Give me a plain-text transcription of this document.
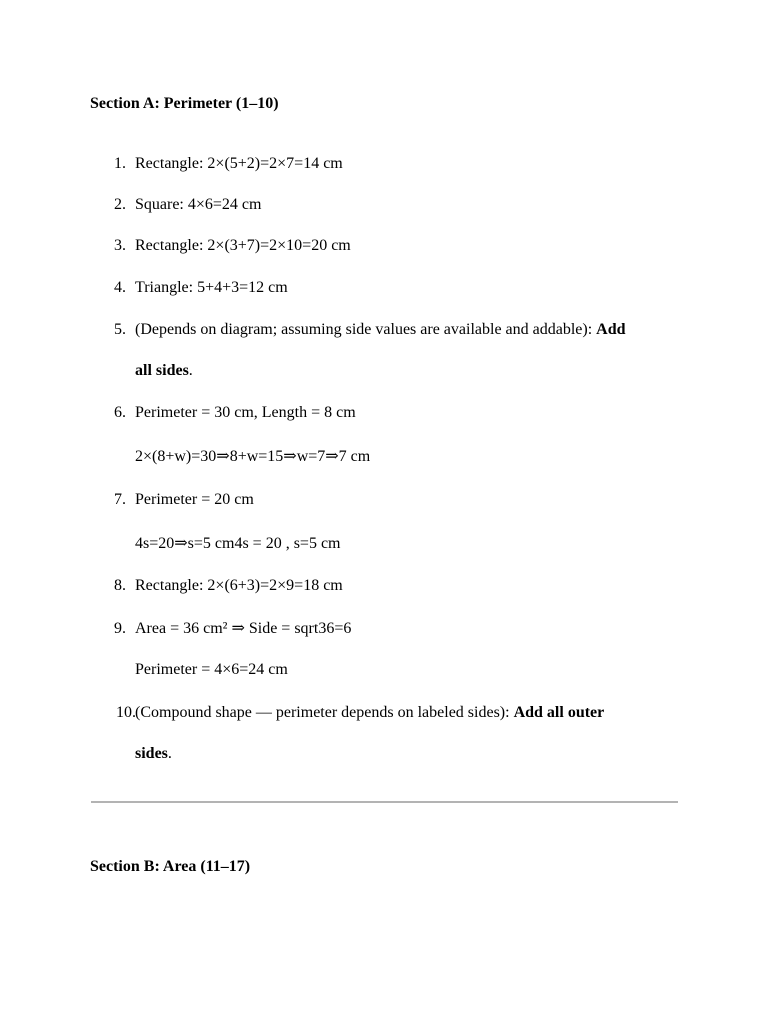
Section A: Perimeter (1–10)
1. Rectangle: 2×(5+2)=2×7=14 cm
2. Square: 4×6=24 cm
3. Rectangle: 2×(3+7)=2×10=20 cm
4. Triangle: 5+4+3=12 cm
5. (Depends on diagram; assuming side values are available and addable): Add
all sides.
6. Perimeter = 30 cm, Length = 8 cm
2×(8+w)=30⇒8+w=15⇒w=7⇒7 cm
7. Perimeter = 20 cm
4s=20⇒s=5 cm4s = 20 , s=5 cm
8. Rectangle: 2×(6+3)=2×9=18 cm
9. Area = 36 cm² ⇒ Side = sqrt36=6
Perimeter = 4×6=24 cm
10. (Compound shape — perimeter depends on labeled sides): Add all outer
sides.
Section B: Area (11–17)
